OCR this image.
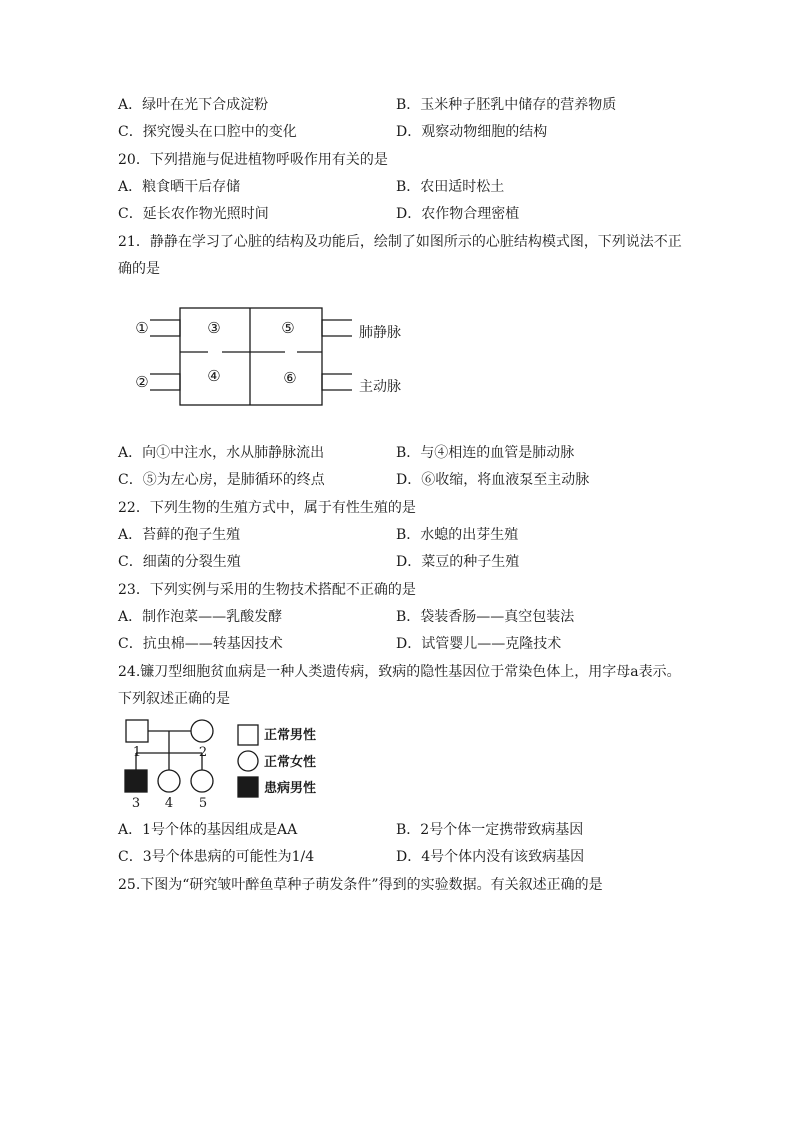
A．绿叶在光下合成淀粉	B．玉米种子胚乳中储存的营养物质
C．探究馒头在口腔中的变化	D．观察动物细胞的结构
20．下列措施与促进植物呼吸作用有关的是
A．粮食晒干后存储	B．农田适时松土
C．延长农作物光照时间	D．农作物合理密植
21．静静在学习了心脏的结构及功能后，绘制了如图所示的心脏结构模式图，下列说法不正
确的是
①
②
③
④
⑤
⑥
肺静脉
主动脉
A．向①中注水，水从肺静脉流出	B．与④相连的血管是肺动脉
C．⑤为左心房，是肺循环的终点	D．⑥收缩，将血液泵至主动脉
22．下列生物的生殖方式中，属于有性生殖的是
A．苔藓的孢子生殖	B．水螅的出芽生殖
C．细菌的分裂生殖	D．菜豆的种子生殖
23．下列实例与采用的生物技术搭配不正确的是
A．制作泡菜——乳酸发酵	B．袋装香肠——真空包装法
C．抗虫棉——转基因技术	D．试管婴儿——克隆技术
24.镰刀型细胞贫血病是一种人类遗传病，致病的隐性基因位于常染色体上，用字母a表示。
下列叙述正确的是
1	2
3 4 5
正常男性
正常女性
患病男性
A．1号个体的基因组成是AA	B．2号个体一定携带致病基因
C．3号个体患病的可能性为1/4	D．4号个体内没有该致病基因
25.下图为“研究皱叶醉鱼草种子萌发条件”得到的实验数据。有关叙述正确的是
